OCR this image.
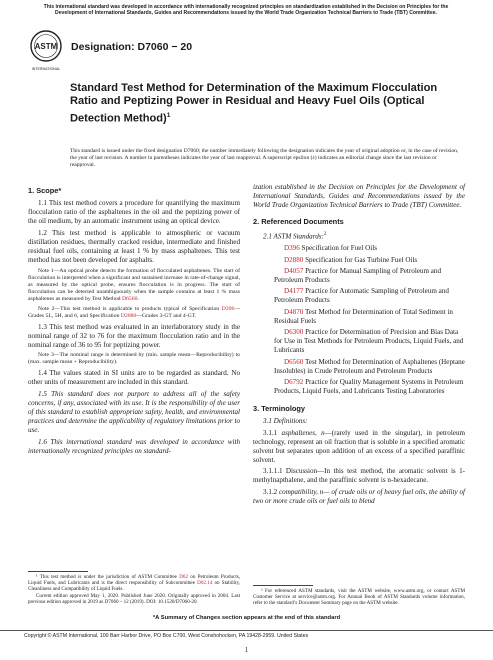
This international standard was developed in accordance with internationally recognized principles on standardization established in the Decision on Principles for the Development of International Standards, Guides and Recommendations issued by the World Trade Organization Technical Barriers to Trade (TBT) Committee.
ASTM
INTERNATIONAL
Designation: D7060 − 20
Standard Test Method for Determination of the Maximum Flocculation Ratio and Peptizing Power in Residual and Heavy Fuel Oils (Optical Detection Method)$^1$
This standard is issued under the fixed designation D7060; the number immediately following the designation indicates the year of original adoption or, in the case of revision, the year of last revision. A number in parentheses indicates the year of last reapproval. A superscript epsilon (ε) indicates an editorial change since the last revision or reapproval.
1. Scope*

1.1 This test method covers a procedure for quantifying the maximum flocculation ratio of the asphaltenes in the oil and the peptizing power of the oil medium, by an automatic instrument using an optical device.

1.2 This test method is applicable to atmospheric or vacuum distillation residues, thermally cracked residue, intermediate and finished residual fuel oils, containing at least 1 % by mass asphaltenes. This test method has not been developed for asphalts.

Note 1—An optical probe detects the formation of flocculated asphaltenes. The start of flocculation is interpreted when a significant and sustained increase in rate-of-change signal, as measured by the optical probe, ensures flocculation is in progress. The start of flocculation can be detected unambiguously when the sample contains at least 1 % mass asphaltenes as measured by Test Method D6560.

Note 2—This test method is applicable to products typical of Specification D396—Grades 5L, 5H, and 6, and Specification D2880—Grades 3-GT and 4-GT.

1.3 This test method was evaluated in an interlaboratory study in the nominal range of 32 to 76 for the maximum flocculation ratio and in the nominal range of 36 to 95 for peptizing power.

Note 3—The nominal range is determined by (min. sample mean—Reproducibility) to (max. sample mean + Reproducibility).

1.4 The values stated in SI units are to be regarded as standard. No other units of measurement are included in this standard.

1.5 This standard does not purport to address all of the safety concerns, if any, associated with its use. It is the responsibility of the user of this standard to establish appropriate safety, health, and environmental practices and determine the applicability of regulatory limitations prior to use.

1.6 This international standard was developed in accordance with internationally recognized principles on standard-

¹ This test method is under the jurisdiction of ASTM Committee D02 on Petroleum Products, Liquid Fuels, and Lubricants and is the direct responsibility of Subcommittee D02.14 on Stability, Cleanliness and Compatibility of Liquid Fuels.
Current edition approved May 1, 2020. Published June 2020. Originally approved in 2004. Last previous edition approved in 2019 as D7060 – 12 (2019). DOI: 10.1520/D7060-20.

ization established in the Decision on Principles for the Development of International Standards, Guides and Recommendations issued by the World Trade Organization Technical Barriers to Trade (TBT) Committee.

2. Referenced Documents

2.1 ASTM Standards:$^2$

D396 Specification for Fuel Oils

D2880 Specification for Gas Turbine Fuel Oils

D4057 Practice for Manual Sampling of Petroleum and Petroleum Products

D4177 Practice for Automatic Sampling of Petroleum and Petroleum Products

D4870 Test Method for Determination of Total Sediment in Residual Fuels

D6300 Practice for Determination of Precision and Bias Data for Use in Test Methods for Petroleum Products, Liquid Fuels, and Lubricants

D6560 Test Method for Determination of Asphaltenes (Heptane Insolubles) in Crude Petroleum and Petroleum Products

D6792 Practice for Quality Management Systems in Petroleum Products, Liquid Fuels, and Lubricants Testing Laboratories

3. Terminology

3.1 Definitions:

3.1.1 asphaltenes, n—(rarely used in the singular), in petroleum technology, represent an oil fraction that is soluble in a specified aromatic solvent but separates upon addition of an excess of a specified paraffinic solvent.

3.1.1.1 Discussion—In this test method, the aromatic solvent is 1-methylnapthalene, and the paraffinic solvent is n-hexadecane.

3.1.2 compatibility, n— of crude oils or of heavy fuel oils, the ability of two or more crude oils or fuel oils to blend

² For referenced ASTM standards, visit the ASTM website, www.astm.org, or contact ASTM Customer Service at service@astm.org. For Annual Book of ASTM Standards volume information, refer to the standard’s Document Summary page on the ASTM website.
*A Summary of Changes section appears at the end of this standard
Copyright © ASTM International, 100 Barr Harbor Drive, PO Box C700, West Conshohocken, PA 19428-2959. United States
1
